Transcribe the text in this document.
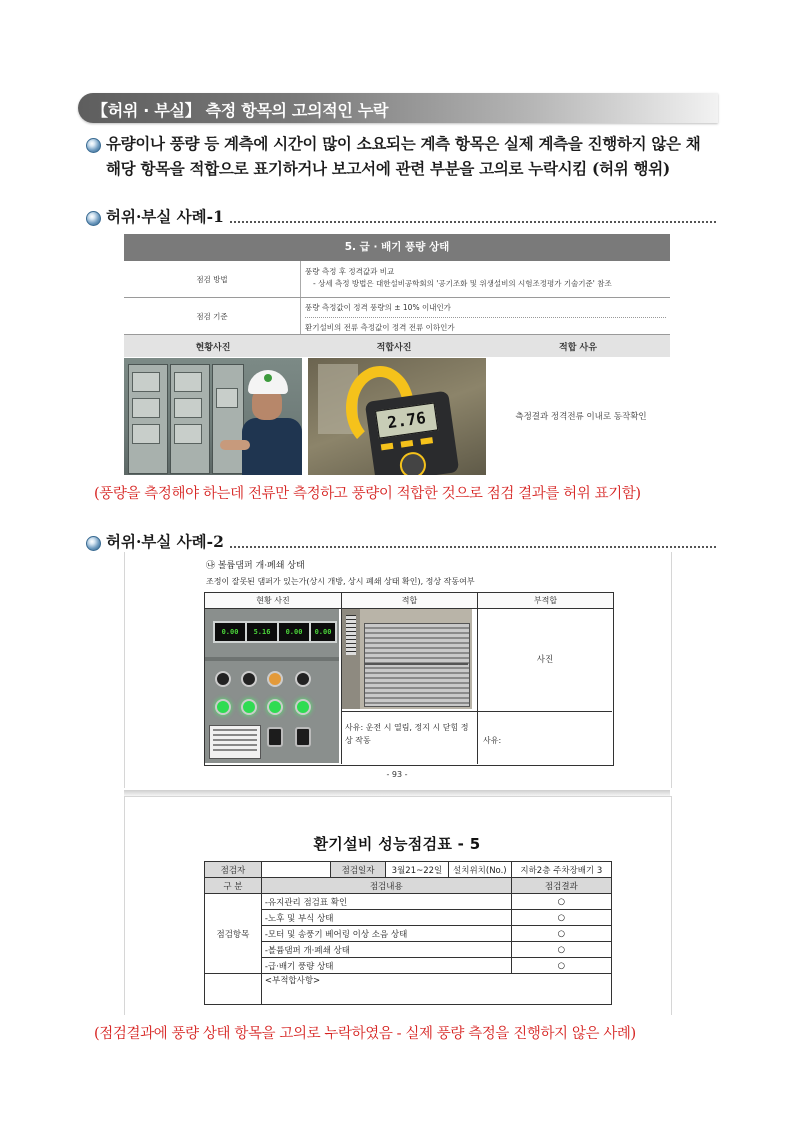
【허위 · 부실】 측정 항목의 고의적인 누락
유량이나 풍량 등 계측에 시간이 많이 소요되는 계측 항목은 실제 계측을 진행하지 않은 채
해당 항목을 적합으로 표기하거나 보고서에 관련 부분을 고의로 누락시킴 (허위 행위)
허위·부실 사례-1
5. 급 · 배기 풍량 상태
점검 방법
풍량 측정 후 정격값과 비교
- 상세 측정 방법은 대한설비공학회의 '공기조화 및 위생설비의 시험조정평가 기술기준' 참조
점검 기준
풍량 측정값이 정격 풍량의 ± 10% 이내인가
환기설비의 전류 측정값이 정격 전류 이하인가
현황사진	적합사진	적합 사유
2.76	측정결과 정격전류 이내로 동작확인
(풍량을 측정해야 하는데 전류만 측정하고 풍량이 적합한 것으로 점검 결과를 허위 표기함)
허위·부실 사례-2
㉯ 볼륨댐퍼 개·폐쇄 상태
조정이 잘못된 댐퍼가 있는가(상시 개방, 상시 폐쇄 상태 확인), 정상 작동여부
현황 사진	적합	부적합
사진
사유: 운전 시 열림, 정지 시 닫힘 정상 작동	사유:
0.00	5.16	0.00	0.00
- 93 -
환기설비 성능점검표 - 5
점검자		점검일자	3월21~22일	설치위치(No.)	지하2층 주차장배기 3
구 분	점검내용				점검결과
점검항목	-유지관리 점검표 확인				○
	-노후 및 부식 상태				○
	-모터 및 송풍기 베어링 이상 소음 상태				○
	-볼륨댐퍼 개·폐쇄 상태				○
	-급·배기 풍량 상태				○
	<부적합사항>				
(점검결과에 풍량 상태 항목을 고의로 누락하였음 - 실제 풍량 측정을 진행하지 않은 사례)
